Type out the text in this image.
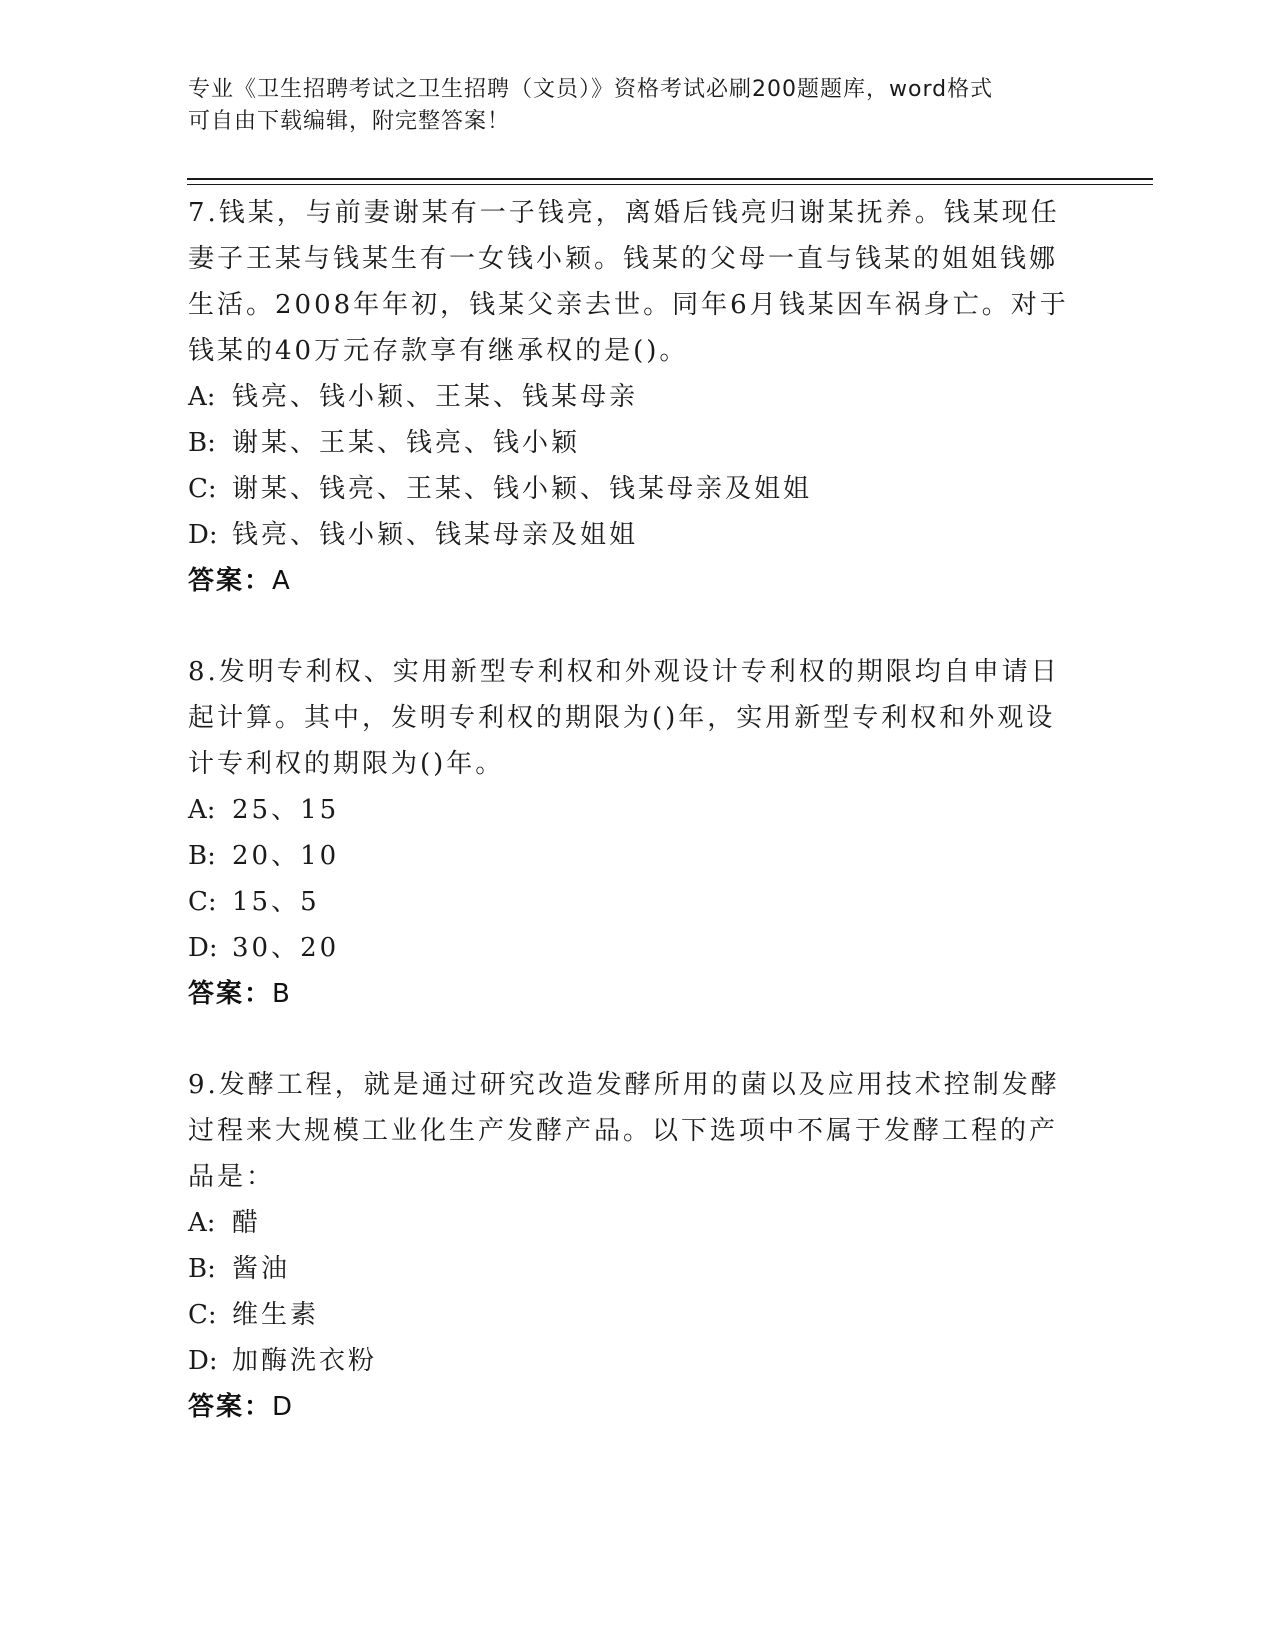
专业《卫生招聘考试之卫生招聘（文员）》资格考试必刷200题题库，word格式
可自由下载编辑，附完整答案！
7.钱某，与前妻谢某有一子钱亮，离婚后钱亮归谢某抚养。钱某现任
妻子王某与钱某生有一女钱小颖。钱某的父母一直与钱某的姐姐钱娜
生活。2008年年初，钱某父亲去世。同年6月钱某因车祸身亡。对于
钱某的40万元存款享有继承权的是()。
A: 钱亮、钱小颖、王某、钱某母亲
B: 谢某、王某、钱亮、钱小颖
C: 谢某、钱亮、王某、钱小颖、钱某母亲及姐姐
D: 钱亮、钱小颖、钱某母亲及姐姐
答案：A
8.发明专利权、实用新型专利权和外观设计专利权的期限均自申请日
起计算。其中，发明专利权的期限为()年，实用新型专利权和外观设
计专利权的期限为()年。
A: 25、15
B: 20、10
C: 15、5
D: 30、20
答案：B
9.发酵工程，就是通过研究改造发酵所用的菌以及应用技术控制发酵
过程来大规模工业化生产发酵产品。以下选项中不属于发酵工程的产
品是：
A: 醋
B: 酱油
C: 维生素
D: 加酶洗衣粉
答案：D
